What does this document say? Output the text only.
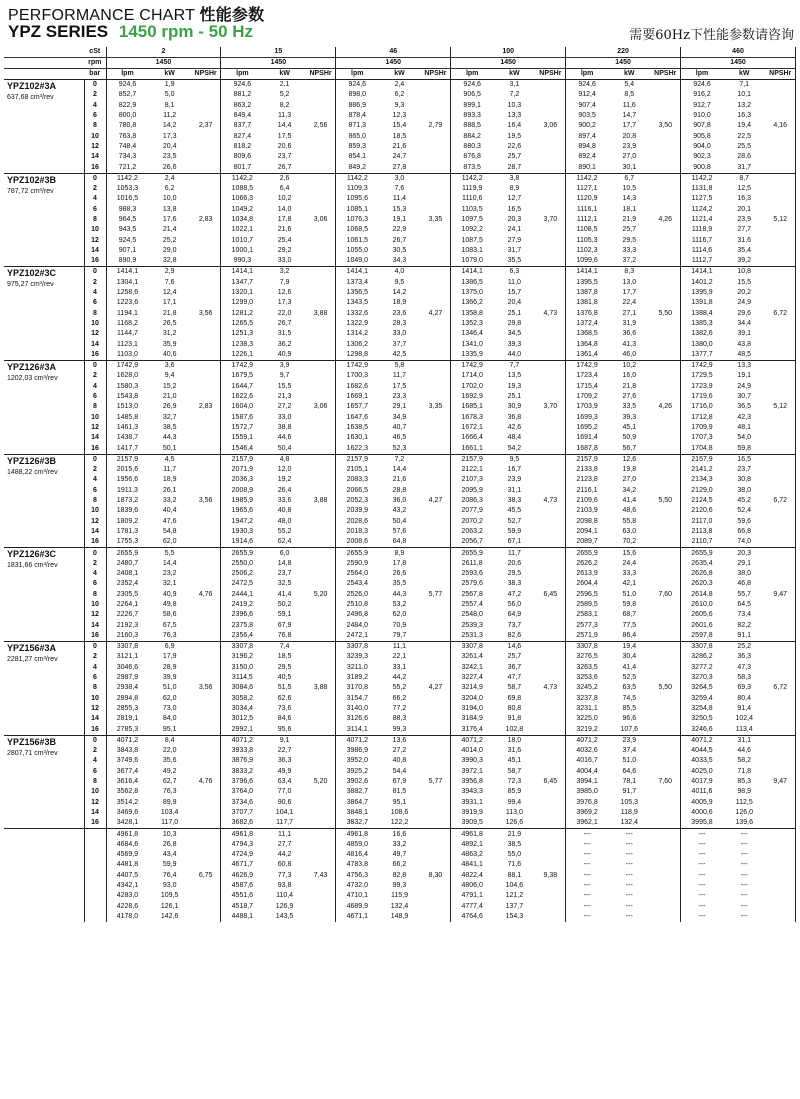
PERFORMANCE CHART 性能参数
YPZ SERIES 1450 rpm - 50 Hz	需要60Hz下性能参数请咨询
	cSt	2			15			46			100			220			460		
	rpm	1450			1450			1450			1450			1450			1450		
	bar	lpm	kW	NPSHr	lpm	kW	NPSHr	lpm	kW	NPSHr	lpm	kW	NPSHr	lpm	kW	NPSHr	lpm	kW	NPSHr

YPZ102#3A
637,68 cm³/rev	0	924,6	1,9	2,37	924,6	2,1	2,56	924,6	2,4	2,79	924,6	3,1	3,06	924,6	5,4	3,50	924,6	7,1	4,16
	2	852,7	5,0		881,2	5,2		898,0	6,2		906,5	7,2		912,4	8,5		916,2	10,1	
	4	822,9	8,1		863,2	8,2		886,9	9,3		899,1	10,3		907,4	11,6		912,7	13,2	
	6	800,0	11,2		849,4	11,3		878,4	12,3		893,3	13,3		903,5	14,7		910,0	16,3	
	8	780,8	14,2		837,7	14,4		871,3	15,4		888,5	16,4		900,2	17,7		907,8	19,4	
	10	763,8	17,3		827,4	17,5		865,0	18,5		884,2	19,5		897,4	20,8		905,8	22,5	
	12	748,4	20,4		818,2	20,6		859,3	21,6		880,3	22,6		894,8	23,9		904,0	25,5	
	14	734,3	23,5		809,6	23,7		854,1	24,7		876,8	25,7		892,4	27,0		902,3	28,6	
	16	721,2	26,6		801,7	26,7		849,2	27,8		873,5	28,7		890,1	30,1		900,8	31,7	

YPZ102#3B
787,72 cm³/rev	0	1142,2	2,4	2,83	1142,2	2,6	3,06	1142,2	3,0	3,35	1142,2	3,8	3,70	1142,2	6,7	4,26	1142,2	8,7	5,12
	2	1053,3	6,2		1088,5	6,4		1109,3	7,6		1119,9	8,9		1127,1	10,5		1131,8	12,5	
	4	1016,5	10,0		1066,3	10,2		1095,6	11,4		1110,6	12,7		1120,9	14,3		1127,5	16,3	
	6	988,3	13,8		1049,2	14,0		1085,1	15,3		1103,5	16,5		1116,1	18,1		1124,2	20,1	
	8	964,5	17,6		1034,8	17,8		1076,3	19,1		1097,5	20,3		1112,1	21,9		1121,4	23,9	
	10	943,5	21,4		1022,1	21,6		1068,5	22,9		1092,2	24,1		1108,5	25,7		1118,9	27,7	
	12	924,5	25,2		1010,7	25,4		1061,5	26,7		1087,5	27,9		1105,3	29,5		1116,7	31,6	
	14	907,1	29,0		1000,1	29,2		1055,0	30,5		1083,1	31,7		1102,3	33,3		1114,6	35,4	
	16	890,9	32,8		990,3	33,0		1049,0	34,3		1079,0	35,5		1099,6	37,2		1112,7	39,2	

YPZ102#3C
975,27 cm³/rev	0	1414,1	2,9	3,56	1414,1	3,2	3,88	1414,1	4,0	4,27	1414,1	6,3	4,73	1414,1	8,3	5,50	1414,1	10,8	6,72
	2	1304,1	7,6		1347,7	7,9		1373,4	9,5		1386,5	11,0		1395,5	13,0		1401,2	15,5	
	4	1258,6	12,4		1320,1	12,6		1356,5	14,2		1375,0	15,7		1387,8	17,7		1395,9	20,2	
	6	1223,6	17,1		1299,0	17,3		1343,5	18,9		1366,2	20,4		1381,8	22,4		1391,8	24,9	
	8	1194,1	21,8		1281,2	22,0		1332,6	23,6		1358,8	25,1		1376,8	27,1		1388,4	29,6	
	10	1168,2	26,5		1265,5	26,7		1322,9	28,3		1352,3	29,8		1372,4	31,9		1385,3	34,4	
	12	1144,7	31,2		1251,3	31,5		1314,2	33,0		1346,4	34,5		1368,5	36,6		1382,6	39,1	
	14	1123,1	35,9		1238,3	36,2		1306,2	37,7		1341,0	39,3		1364,8	41,3		1380,0	43,8	
	16	1103,0	40,6		1226,1	40,9		1298,8	42,5		1335,9	44,0		1361,4	46,0		1377,7	48,5	

YPZ126#3A
1202,03 cm³/rev	0	1742,9	3,6	2,83	1742,9	3,9	3,06	1742,9	5,8	3,35	1742,9	7,7	3,70	1742,9	10,2	4,26	1742,9	13,3	5,12
	2	1628,0	9,4		1679,5	9,7		1700,3	11,7		1714,0	13,5		1723,4	16,0		1729,5	19,1	
	4	1580,3	15,2		1644,7	15,5		1682,6	17,5		1702,0	19,3		1715,4	21,8		1723,9	24,9	
	6	1543,8	21,0		1622,6	21,3		1669,1	23,3		1692,9	25,1		1709,2	27,6		1719,6	30,7	
	8	1513,0	26,9		1604,0	27,2		1657,7	29,1		1685,1	30,9		1703,9	33,5		1716,0	36,5	
	10	1485,8	32,7		1587,6	33,0		1647,6	34,9		1678,3	36,8		1699,3	39,3		1712,8	42,3	
	12	1461,3	38,5		1572,7	38,8		1638,5	40,7		1672,1	42,6		1695,2	45,1		1709,9	48,1	
	14	1438,7	44,3		1559,1	44,6		1630,1	46,5		1666,4	48,4		1691,4	50,9		1707,3	54,0	
	16	1417,7	50,1		1546,4	50,4		1622,3	52,3		1661,1	54,2		1687,8	56,7		1704,8	59,8	

YPZ126#3B
1488,22 cm³/rev	0	2157,9	4,5	3,56	2157,9	4,8	3,88	2157,9	7,2	4,27	2157,9	9,5	4,73	2157,9	12,6	5,50	2157,9	16,5	6,72
	2	2015,6	11,7		2071,9	12,0		2105,1	14,4		2122,1	16,7		2133,8	19,8		2141,2	23,7	
	4	1956,6	18,9		2036,3	19,2		2083,3	21,6		2107,3	23,9		2123,8	27,0		2134,3	30,8	
	6	1911,3	26,1		2008,9	26,4		2066,5	28,8		2095,9	31,1		2116,1	34,2		2129,0	38,0	
	8	1873,2	33,2		1985,9	33,6		2052,3	36,0		2086,3	38,3		2109,6	41,4		2124,5	45,2	
	10	1839,6	40,4		1965,6	40,8		2039,9	43,2		2077,9	45,5		2103,9	48,6		2120,6	52,4	
	12	1809,2	47,6		1947,2	48,0		2028,6	50,4		2070,2	52,7		2098,8	55,8		2117,0	59,6	
	14	1781,3	54,8		1930,3	55,2		2018,3	57,6		2063,2	59,9		2094,1	63,0		2113,8	66,8	
	16	1755,3	62,0		1914,6	62,4		2008,6	64,8		2056,7	67,1		2089,7	70,2		2110,7	74,0	

YPZ126#3C
1831,66 cm³/rev	0	2655,9	5,5	4,76	2655,9	6,0	5,20	2655,9	8,9	5,77	2655,9	11,7	6,45	2655,9	15,6	7,60	2655,9	20,3	9,47
	2	2480,7	14,4		2550,0	14,8		2590,9	17,8		2611,8	20,6		2626,2	24,4		2635,4	29,1	
	4	2408,1	23,2		2506,2	23,7		2564,0	26,6		2593,6	29,5		2613,9	33,3		2626,8	38,0	
	6	2352,4	32,1		2472,5	32,5		2543,4	35,5		2579,6	38,3		2604,4	42,1		2620,3	46,8	
	8	2305,5	40,9		2444,1	41,4		2526,0	44,3		2567,8	47,2		2596,5	51,0		2614,8	55,7	
	10	2264,1	49,8		2419,2	50,2		2510,8	53,2		2557,4	56,0		2589,5	59,8		2610,0	64,5	
	12	2226,7	58,6		2396,6	59,1		2496,8	62,0		2548,0	64,9		2583,1	68,7		2605,6	73,4	
	14	2192,3	67,5		2375,8	67,9		2484,0	70,9		2539,3	73,7		2577,3	77,5		2601,6	82,2	
	16	2160,3	76,3		2356,4	76,8		2472,1	79,7		2531,3	82,6		2571,9	86,4		2597,8	91,1	

YPZ156#3A
2281,27 cm³/rev	0	3307,8	6,9	3,56	3307,8	7,4	3,88	3307,8	11,1	4,27	3307,8	14,6	4,73	3307,8	19,4	5,50	3307,8	25,2	6,72
	2	3121,1	17,9		3196,2	18,5		3239,3	22,1		3261,4	25,7		3276,5	30,4		3286,2	36,3	
	4	3046,6	28,9		3150,0	29,5		3211,0	33,1		3242,1	36,7		3263,5	41,4		3277,2	47,3	
	6	2987,9	39,9		3114,5	40,5		3189,2	44,2		3227,4	47,7		3253,6	52,5		3270,3	58,3	
	8	2938,4	51,0		3084,6	51,5		3170,8	55,2		3214,9	58,7		3245,2	63,5		3264,5	69,3	
	10	2894,8	62,0		3058,2	62,6		3154,7	66,2		3204,0	69,8		3237,8	74,5		3259,4	80,4	
	12	2855,3	73,0		3034,4	73,6		3140,0	77,2		3194,0	80,8		3231,1	85,5		3254,8	91,4	
	14	2819,1	84,0		3012,5	84,6		3126,6	88,3		3184,9	91,8		3225,0	96,6		3250,5	102,4	
	16	2785,3	95,1		2992,1	95,6		3114,1	99,3		3176,4	102,8		3219,2	107,6		3246,6	113,4	

YPZ156#3B
2807,71 cm³/rev	0	4071,2	8,4	4,76	4071,2	9,1	5,20	4071,2	13,6	5,77	4071,2	18,0	6,45	4071,2	23,9	7,60	4071,2	31,1	9,47
	2	3843,8	22,0		3933,8	22,7		3986,9	27,2		4014,0	31,6		4032,6	37,4		4044,5	44,6	
	4	3749,6	35,6		3876,9	36,3		3952,0	40,8		3990,3	45,1		4016,7	51,0		4033,5	58,2	
	6	3677,4	49,2		3833,2	49,9		3925,2	54,4		3972,1	58,7		4004,4	64,6		4025,0	71,8	
	8	3616,4	62,7		3796,6	63,4		3902,6	67,9		3956,8	72,3		3994,1	78,1		4017,9	85,3	
	10	3562,8	76,3		3764,0	77,0		3882,7	81,5		3943,3	85,9		3985,0	91,7		4011,6	98,9	
	12	3514,2	89,9		3734,6	90,6		3864,7	95,1		3931,1	99,4		3976,8	105,3		4005,9	112,5	
	14	3469,6	103,4		3707,7	104,1		3848,1	108,6		3919,9	113,0		3969,2	118,9		4000,6	126,0	
	16	3428,1	117,0		3682,6	117,7		3832,7	122,2		3909,5	126,6		3962,1	132,4		3995,8	139,6	

		4961,8	10,3	6,75	4961,8	11,1	7,43	4961,8	16,6	8,30	4961,8	21,9	9,38	---	---		---	---	
		4684,6	26,8		4794,3	27,7		4859,0	33,2		4892,1	38,5		---	---		---	---	
		4569,9	43,4		4724,9	44,2		4816,4	49,7		4863,2	55,0		---	---		---	---	
		4481,8	59,9		4671,7	60,8		4783,8	66,2		4841,1	71,6		---	---		---	---	
		4407,5	76,4		4626,9	77,3		4756,3	82,8		4822,4	88,1		---	---		---	---	
		4342,1	93,0		4587,6	93,8		4732,0	99,3		4806,0	104,6		---	---		---	---	
		4283,0	109,5		4551,6	110,4		4710,1	115,9		4791,1	121,2		---	---		---	---	
		4228,6	126,1		4518,7	126,9		4689,9	132,4		4777,4	137,7		---	---		---	---	
		4178,0	142,6		4488,1	143,5		4671,1	148,9		4764,6	154,3		---	---		---	---	
